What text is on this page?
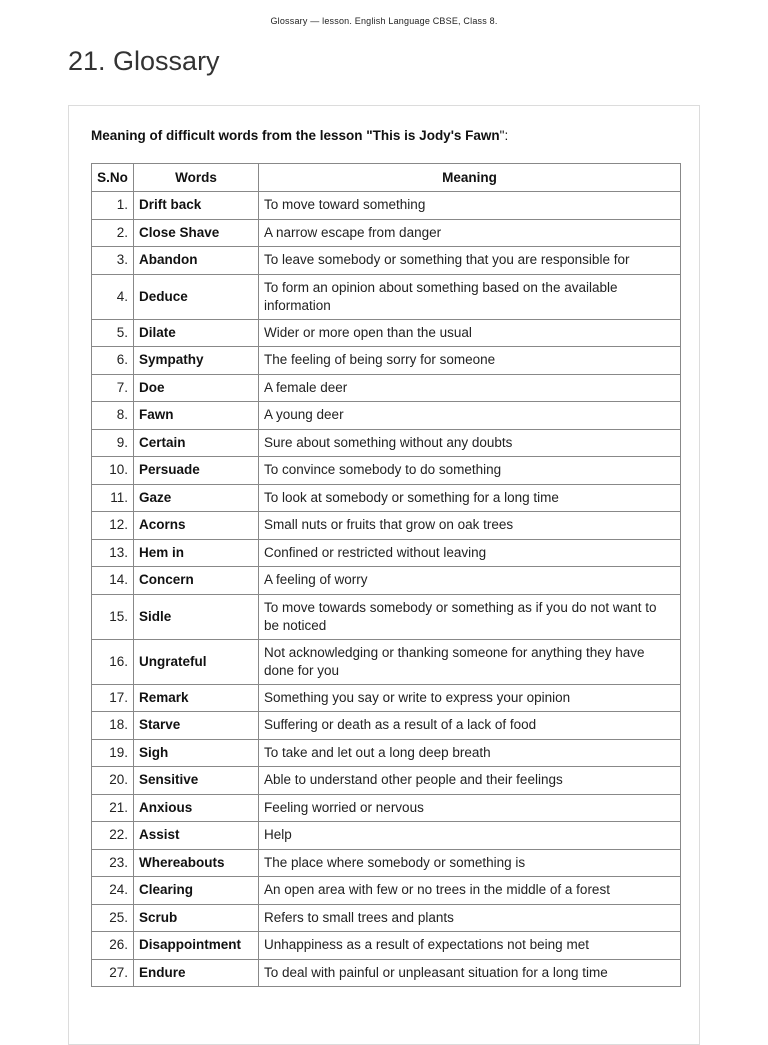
Glossary — lesson. English Language CBSE, Class 8.
21. Glossary
Meaning of difficult words from the lesson "This is Jody's Fawn":
S.No	Words	Meaning
1.	Drift back	To move toward something
2.	Close Shave	A narrow escape from danger
3.	Abandon	To leave somebody or something that you are responsible for
4.	Deduce	To form an opinion about something based on the available information
5.	Dilate	Wider or more open than the usual
6.	Sympathy	The feeling of being sorry for someone
7.	Doe	A female deer
8.	Fawn	A young deer
9.	Certain	Sure about something without any doubts
10.	Persuade	To convince somebody to do something
11.	Gaze	To look at somebody or something for a long time
12.	Acorns	Small nuts or fruits that grow on oak trees
13.	Hem in	Confined or restricted without leaving
14.	Concern	A feeling of worry
15.	Sidle	To move towards somebody or something as if you do not want to be noticed
16.	Ungrateful	Not acknowledging or thanking someone for anything they have done for you
17.	Remark	Something you say or write to express your opinion
18.	Starve	Suffering or death as a result of a lack of food
19.	Sigh	To take and let out a long deep breath
20.	Sensitive	Able to understand other people and their feelings
21.	Anxious	Feeling worried or nervous
22.	Assist	Help
23.	Whereabouts	The place where somebody or something is
24.	Clearing	An open area with few or no trees in the middle of a forest
25.	Scrub	Refers to small trees and plants
26.	Disappointment	Unhappiness as a result of expectations not being met
27.	Endure	To deal with painful or unpleasant situation for a long time
